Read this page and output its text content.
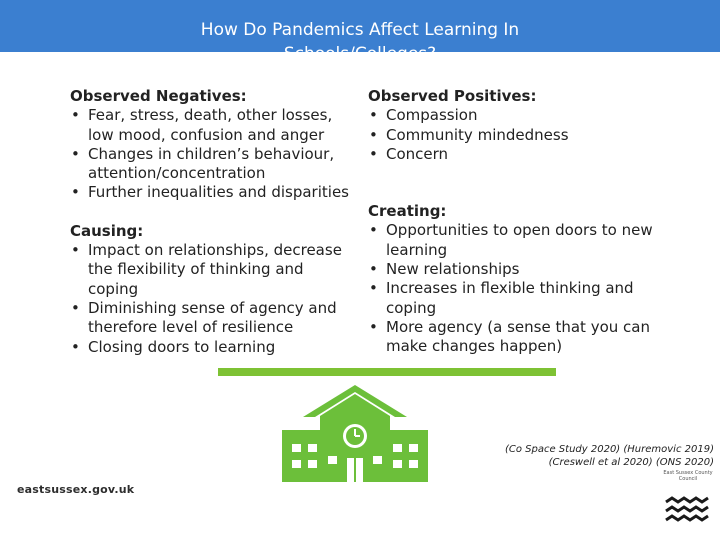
How Do Pandemics Affect Learning In Schools/Colleges?
Observed Negatives:
• Fear, stress, death, other losses, low mood, confusion and anger
• Changes in children’s behaviour, attention/concentration
• Further inequalities and disparities
Causing:
• Impact on relationships, decrease the flexibility of thinking and coping
• Diminishing sense of agency and therefore level of resilience
• Closing doors to learning
Observed Positives:
• Compassion
• Community mindedness
• Concern
Creating:
• Opportunities to open doors to new learning
• New relationships
• Increases in flexible thinking and coping
• More agency (a sense that you can make changes happen)
(Co Space Study 2020) (Huremovic 2019)
(Creswell et al 2020) (ONS 2020)
eastsussex.gov.uk
East Sussex County Council
